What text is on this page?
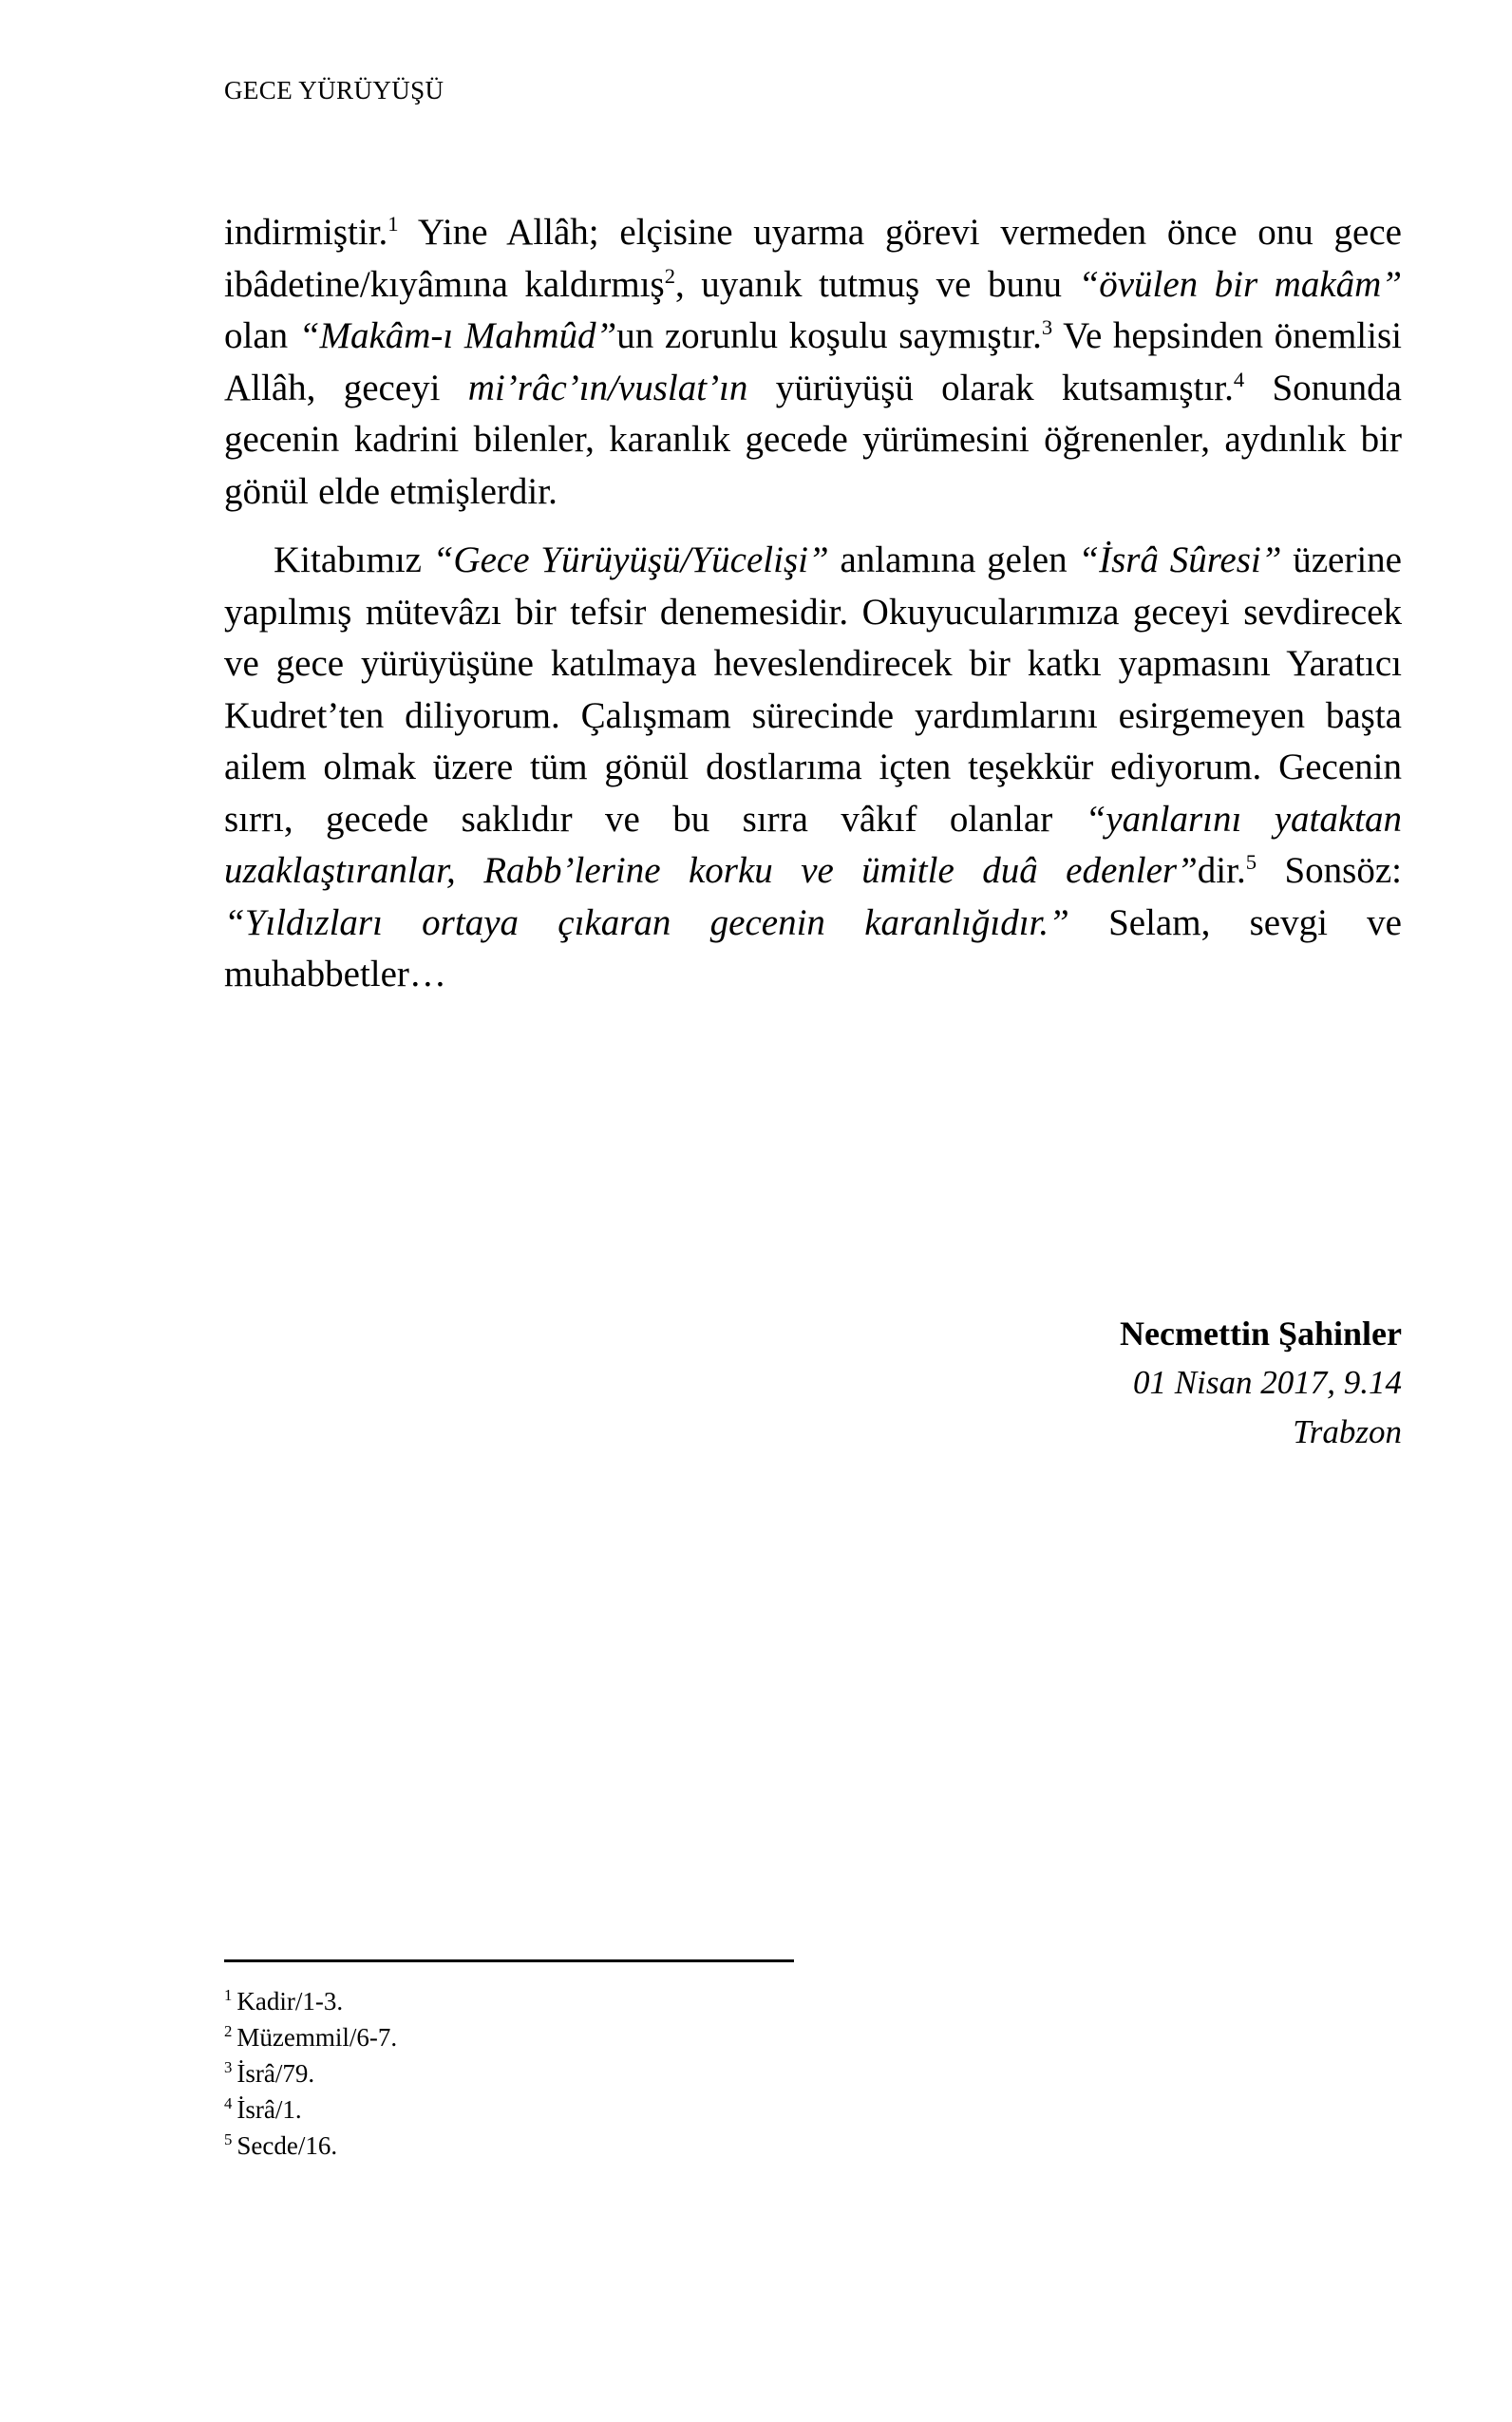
GECE YÜRÜYÜŞÜ

indirmiştir.$^1$ Yine Allâh; elçisine uyarma görevi vermeden önce onu gece ibâdetine/kıyâmına kaldırmış$^2$, uyanık tutmuş ve bunu “övülen bir makâm” olan “Makâm-ı Mahmûd”un zorunlu koşulu saymıştır.$^3$ Ve hepsinden önemlisi Allâh, geceyi mi’râc’ın/vuslat’ın yürüyüşü olarak kutsamıştır.$^4$ Sonunda gecenin kadrini bilenler, karanlık gecede yürümesini öğrenenler, aydınlık bir gönül elde etmişlerdir.

Kitabımız “Gece Yürüyüşü/Yücelişi” anlamına gelen “İsrâ Sûresi” üzerine yapılmış mütevâzı bir tefsir denemesidir. Okuyucularımıza geceyi sevdirecek ve gece yürüyüşüne katılmaya heveslendirecek bir katkı yapmasını Yaratıcı Kudret’ten diliyorum. Çalışmam sürecinde yardımlarını esirgemeyen başta ailem olmak üzere tüm gönül dostlarıma içten teşekkür ediyorum. Gecenin sırrı, gecede saklıdır ve bu sırra vâkıf olanlar “yanlarını yataktan uzaklaştıranlar, Rabb’lerine korku ve ümitle duâ edenler”dir.$^5$ Sonsöz: “Yıldızları ortaya çıkaran gecenin karanlığıdır.” Selam, sevgi ve muhabbetler…

Necmettin Şahinler
01 Nisan 2017, 9.14
Trabzon

$^1$ Kadir/1-3.

$^2$ Müzemmil/6-7.

$^3$ İsrâ/79.

$^4$ İsrâ/1.

$^5$ Secde/16.
